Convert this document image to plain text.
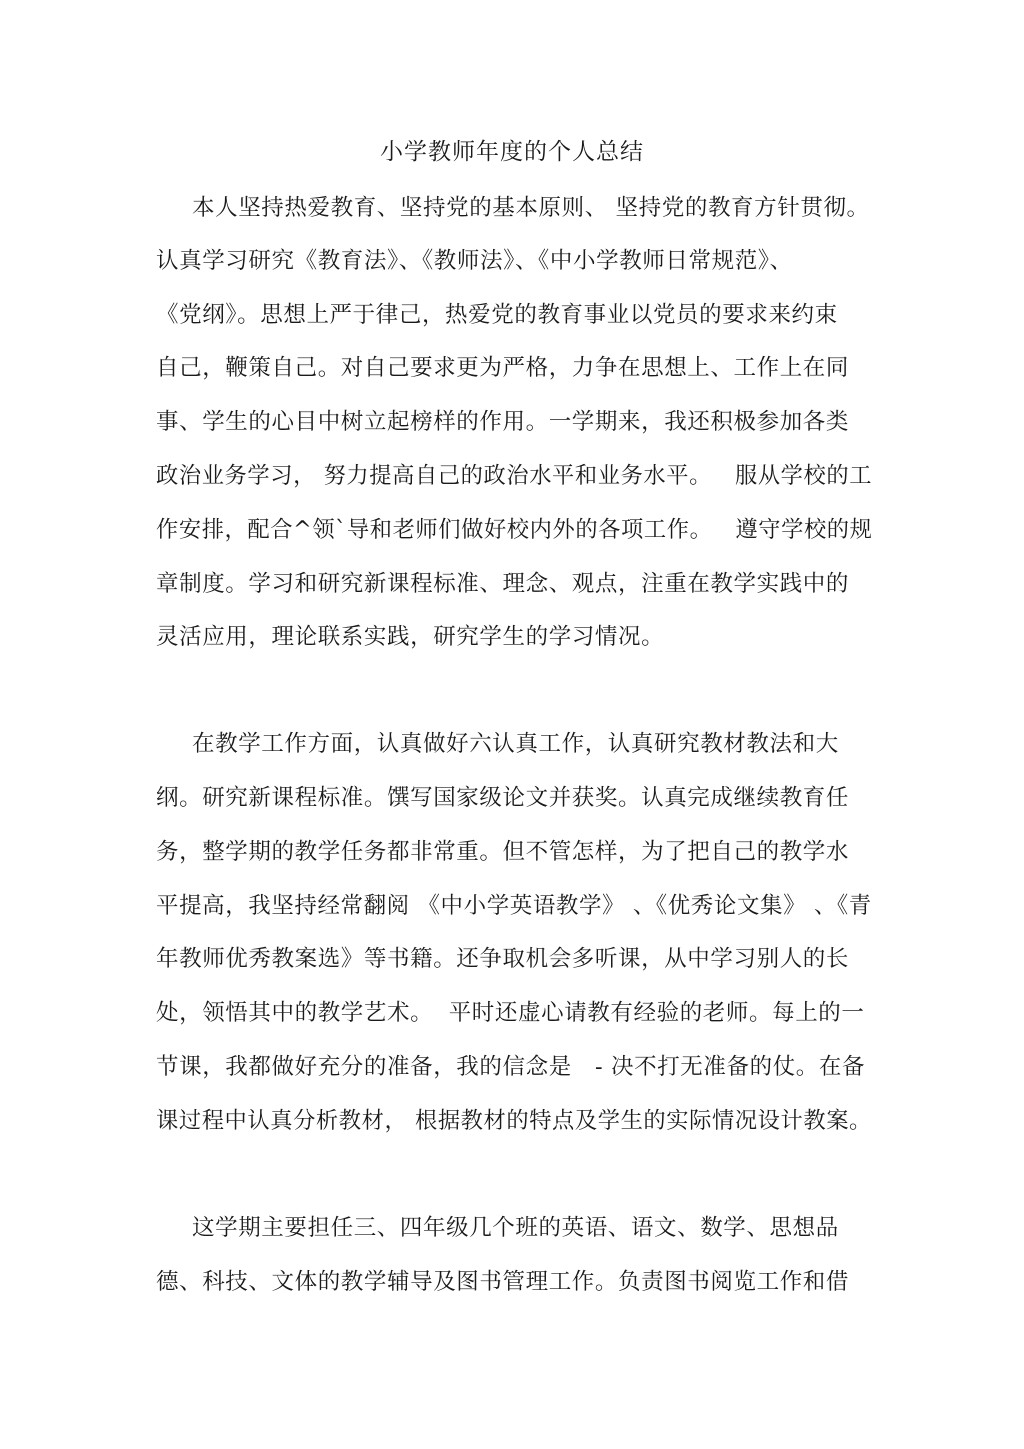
小学教师年度的个人总结
本人坚持热爱教育、坚持党的基本原则、 坚持党的教育方针贯彻。
认真学习研究《教育法》、《教师法》、《中小学教师日常规范》、
《党纲》。思想上严于律己，热爱党的教育事业以党员的要求来约束
自己，鞭策自己。对自己要求更为严格，力争在思想上、工作上在同
事、学生的心目中树立起榜样的作用。一学期来，我还积极参加各类
政治业务学习， 努力提高自己的政治水平和业务水平。   服从学校的工
作安排，配合^领`导和老师们做好校内外的各项工作。   遵守学校的规
章制度。学习和研究新课程标准、理念、观点，注重在教学实践中的
灵活应用，理论联系实践，研究学生的学习情况。
在教学工作方面，认真做好六认真工作，认真研究教材教法和大
纲。研究新课程标准。馔写国家级论文并获奖。认真完成继续教育任
务，整学期的教学任务都非常重。但不管怎样，为了把自己的教学水
平提高，我坚持经常翻阅 《中小学英语教学》 、《优秀论文集》 、《青
年教师优秀教案选》等书籍。还争取机会多听课，从中学习别人的长
处，领悟其中的教学艺术。  平时还虚心请教有经验的老师。每上的一
节课，我都做好充分的准备，我的信念是   - 决不打无准备的仗。在备
课过程中认真分析教材， 根据教材的特点及学生的实际情况设计教案。
这学期主要担任三、四年级几个班的英语、语文、数学、思想品
德、科技、文体的教学辅导及图书管理工作。负责图书阅览工作和借
